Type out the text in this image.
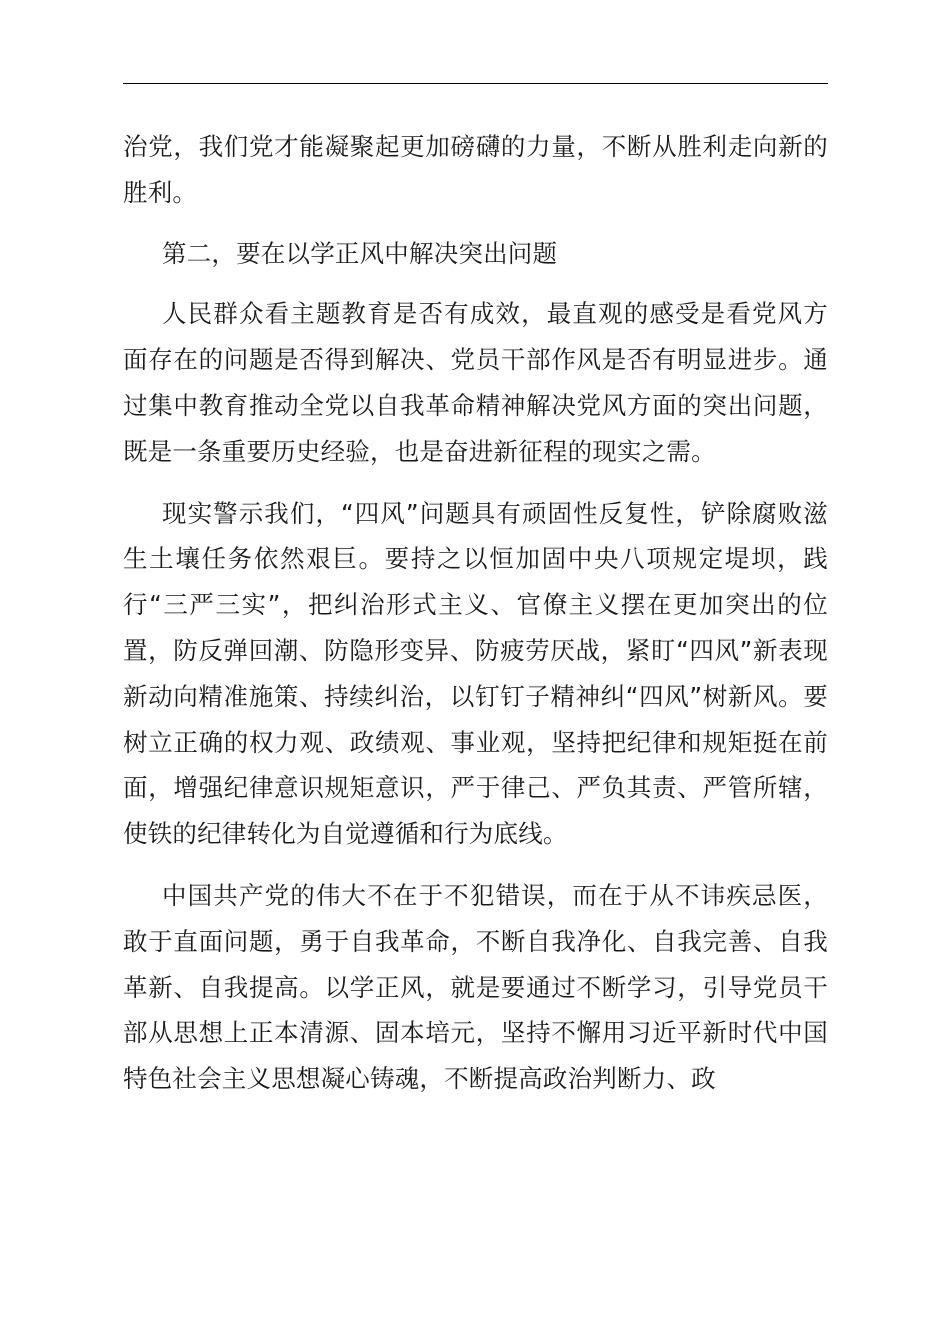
治党，我们党才能凝聚起更加磅礴的力量，不断从胜利走向新的胜利。

第二，要在以学正风中解决突出问题

人民群众看主题教育是否有成效，最直观的感受是看党风方面存在的问题是否得到解决、党员干部作风是否有明显进步。通过集中教育推动全党以自我革命精神解决党风方面的突出问题，既是一条重要历史经验，也是奋进新征程的现实之需。

现实警示我们，“四风”问题具有顽固性反复性，铲除腐败滋生土壤任务依然艰巨。要持之以恒加固中央八项规定堤坝，践行“三严三实”，把纠治形式主义、官僚主义摆在更加突出的位置，防反弹回潮、防隐形变异、防疲劳厌战，紧盯“四风”新表现新动向精准施策、持续纠治，以钉钉子精神纠“四风”树新风。要树立正确的权力观、政绩观、事业观，坚持把纪律和规矩挺在前面，增强纪律意识规矩意识，严于律己、严负其责、严管所辖，使铁的纪律转化为自觉遵循和行为底线。

中国共产党的伟大不在于不犯错误，而在于从不讳疾忌医，敢于直面问题，勇于自我革命，不断自我净化、自我完善、自我革新、自我提高。以学正风，就是要通过不断学习，引导党员干部从思想上正本清源、固本培元，坚持不懈用习近平新时代中国特色社会主义思想凝心铸魂，不断提高政治判断力、政
